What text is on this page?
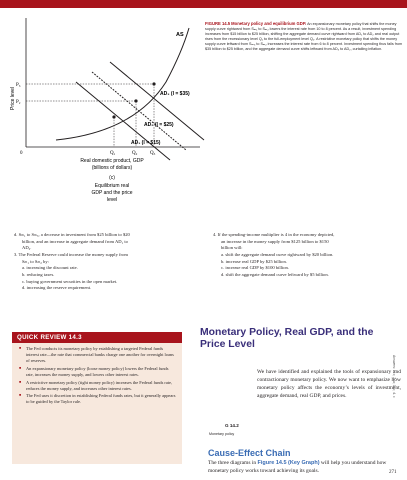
AS
Price level
P₃
P₂
AD₃ (I = $35)
AD₂ (I = $25)
AD₁ (I = $15)
0	Q₁	Q₂	Q₃
Real domestic product, GDP
(billions of dollars)
(c)
Equilibrium real
GDP and the price
level
FIGURE 14.5 Monetary policy and equilibrium GDP. An expansionary monetary policy that shifts the money supply curve rightward from Sₘ₁ to Sₘ₂ lowers the interest rate from 10 to 8 percent. As a result, investment spending increases from $15 billion to $25 billion, shifting the aggregate demand curve rightward from AD₁ to AD₂ and real output rises from the recessionary level Q₁ to the full-employment level Q₂. A restrictive monetary policy that shifts the money supply curve leftward from Sₘ₃ to Sₘ₂ increases the interest rate from 6 to 8 percent. Investment spending thus falls from $35 billion to $25 billion, and the aggregate demand curve shifts leftward from AD₃ to AD₂, curtailing inflation.
d. Sₘ₁ to Sₘ₃, a decrease in investment from $25 billion to $20
billion, and an increase in aggregate demand from AD₁ to
AD₂.
3. The Federal Reserve could increase the money supply from
Sₘ₁ to Sₘ₂ by:
a. increasing the discount rate.
b. reducing taxes.
c. buying government securities in the open market.
d. increasing the reserve requirement.
4. If the spending-income multiplier is 4 in the economy depicted,
an increase in the money supply from $125 billion to $150
billion will:
a. shift the aggregate demand curve rightward by $20 billion.
b. increase real GDP by $25 billion.
c. increase real GDP by $100 billion.
d. shift the aggregate demand curve leftward by $5 billion.
Answers: 1. c; 2. a; 3. c; 4. c
QUICK REVIEW 14.3
■ The Fed conducts its monetary policy by establishing a targeted Federal funds interest rate—the rate that commercial banks charge one another for overnight loans of reserves.
■ An expansionary monetary policy (loose money policy) lowers the Federal funds rate, increases the money supply, and lowers other interest rates.
■ A restrictive monetary policy (tight money policy) increases the Federal funds rate, reduces the money supply, and increases other interest rates.
■ The Fed uses it discretion in establishing Federal funds rates, but it generally appears to be guided by the Taylor rule.
Monetary Policy, Real GDP, and the Price Level
G 14.2
Monetary policy
We have identified and explained the tools of expansionary and contractionary monetary policy. We now want to emphasize how monetary policy affects the economy’s levels of investment, aggregate demand, real GDP, and prices.
Cause-Effect Chain
The three diagrams in Figure 14.5 (Key Graph) will help you understand how monetary policy works toward achieving its goals.	271
